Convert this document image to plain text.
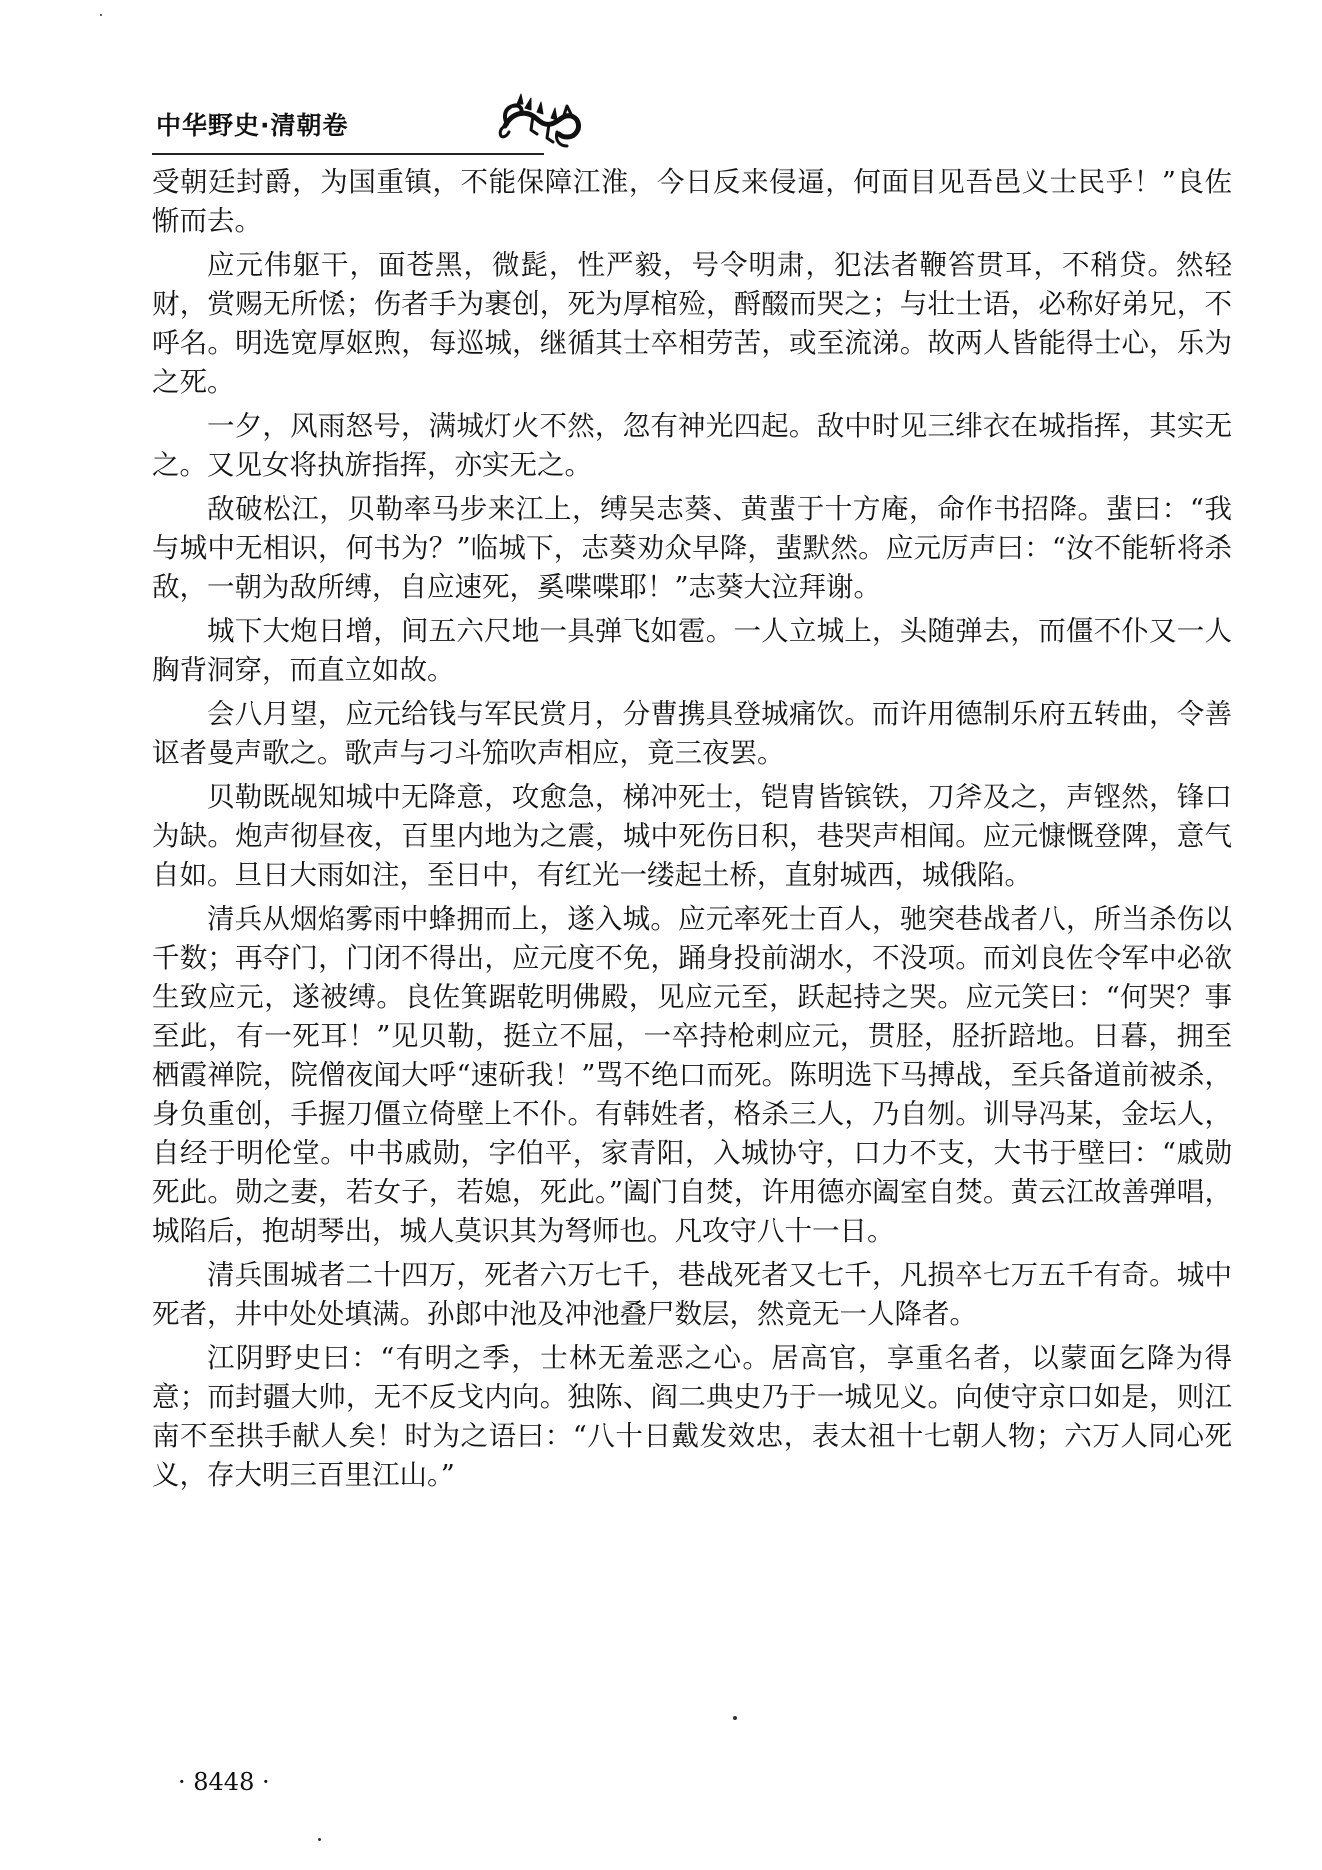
中华野史·清朝卷

受朝廷封爵，为国重镇，不能保障江淮，今日反来侵逼，何面目见吾邑义士民乎！”良佐惭而去。

应元伟躯干，面苍黑，微髭，性严毅，号令明肃，犯法者鞭笞贯耳，不稍贷。然轻财，赏赐无所恡；伤者手为裹创，死为厚棺殓，酹醊而哭之；与壮士语，必称好弟兄，不呼名。明选宽厚妪煦，每巡城，继循其士卒相劳苦，或至流涕。故两人皆能得士心，乐为之死。

一夕，风雨怒号，满城灯火不然，忽有神光四起。敌中时见三绯衣在城指挥，其实无之。又见女将执旂指挥，亦实无之。

敌破松江，贝勒率马步来江上，缚吴志葵、黄蜚于十方庵，命作书招降。蜚曰：“我与城中无相识，何书为？”临城下，志葵劝众早降，蜚默然。应元厉声曰：“汝不能斩将杀敌，一朝为敌所缚，自应速死，奚喋喋耶！”志葵大泣拜谢。

城下大炮日增，间五六尺地一具弹飞如雹。一人立城上，头随弹去，而僵不仆又一人胸背洞穿，而直立如故。

会八月望，应元给钱与军民赏月，分曹携具登城痛饮。而许用德制乐府五转曲，令善讴者曼声歌之。歌声与刁斗笳吹声相应，竟三夜罢。

贝勒既觇知城中无降意，攻愈急，梯冲死士，铠胄皆镔铁，刀斧及之，声铿然，锋口为缺。炮声彻昼夜，百里内地为之震，城中死伤日积，巷哭声相闻。应元慷慨登陴，意气自如。旦日大雨如注，至日中，有红光一缕起土桥，直射城西，城俄陷。

清兵从烟焰雾雨中蜂拥而上，遂入城。应元率死士百人，驰突巷战者八，所当杀伤以千数；再夺门，门闭不得出，应元度不免，踊身投前湖水，不没项。而刘良佐令军中必欲生致应元，遂被缚。良佐箕踞乾明佛殿，见应元至，跃起持之哭。应元笑曰：“何哭？事至此，有一死耳！”见贝勒，挺立不屈，一卒持枪刺应元，贯胫，胫折踣地。日暮，拥至栖霞禅院，院僧夜闻大呼“速斫我！”骂不绝口而死。陈明选下马搏战，至兵备道前被杀，身负重创，手握刀僵立倚壁上不仆。有韩姓者，格杀三人，乃自刎。训导冯某，金坛人，自经于明伦堂。中书戚勋，字伯平，家青阳，入城协守，口力不支，大书于壁曰：“戚勋死此。勋之妻，若女子，若媳，死此。”阖门自焚，许用德亦阖室自焚。黄云江故善弹唱，城陷后，抱胡琴出，城人莫识其为弩师也。凡攻守八十一日。

清兵围城者二十四万，死者六万七千，巷战死者又七千，凡损卒七万五千有奇。城中死者，井中处处填满。孙郎中池及冲池叠尸数层，然竟无一人降者。

江阴野史曰：“有明之季，士林无羞恶之心。居高官，享重名者，以蒙面乞降为得意；而封疆大帅，无不反戈内向。独陈、阎二典史乃于一城见义。向使守京口如是，则江南不至拱手献人矣！时为之语曰：“八十日戴发效忠，表太祖十七朝人物；六万人同心死义，存大明三百里江山。”

· 8448 ·
